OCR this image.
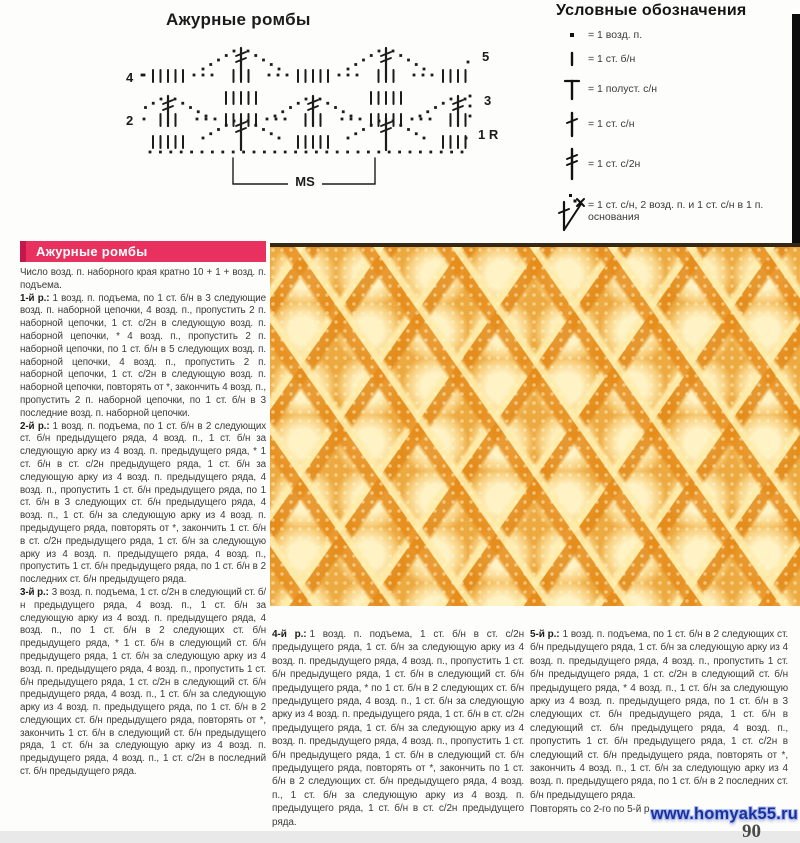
Ажурные ромбы
4
2
5
3
1 R
MS
Условные обозначения
= 1 возд. п.
= 1 ст. б/н
= 1 полуст. с/н
= 1 ст. с/н
= 1 ст. с/2н
= 1 ст. с/н, 2 возд. п. и 1 ст. с/н в 1 п. основания
Ажурные ромбы

Число возд. п. наборного края кратно 10 + 1 + возд. п. подъема.

1-й р.: 1 возд. п. подъема, по 1 ст. б/н в 3 следующие возд. п. наборной цепочки, 4 возд. п., пропустить 2 п. наборной цепочки, 1 ст. с/2н в следующую возд. п. наборной цепочки, * 4 возд. п., пропустить 2 п. наборной цепочки, по 1 ст. б/н в 5 следующих возд. п. наборной цепочки, 4 возд. п., пропустить 2 п. наборной цепочки, 1 ст. с/2н в следующую возд. п. наборной цепочки, повторять от *, закончить 4 возд. п., пропустить 2 п. наборной цепочки, по 1 ст. б/н в 3 последние возд. п. наборной цепочки.

2-й р.: 1 возд. п. подъема, по 1 ст. б/н в 2 следующих ст. б/н предыдущего ряда, 4 возд. п., 1 ст. б/н за следующую арку из 4 возд. п. предыдущего ряда, * 1 ст. б/н в ст. с/2н предыдущего ряда, 1 ст. б/н за следующую арку из 4 возд. п. предыдущего ряда, 4 возд. п., пропустить 1 ст. б/н предыдущего ряда, по 1 ст. б/н в 3 следующих ст. б/н предыдущего ряда, 4 возд. п., 1 ст. б/н за следующую арку из 4 возд. п. предыдущего ряда, повторять от *, закончить 1 ст. б/н в ст. с/2н предыдущего ряда, 1 ст. б/н за следующую арку из 4 возд. п. предыдущего ряда, 4 возд. п., пропустить 1 ст. б/н предыдущего ряда, по 1 ст. б/н в 2 последних ст. б/н предыдущего ряда.

3-й р.: 3 возд. п. подъема, 1 ст. с/2н в следующий ст. б/н предыдущего ряда, 4 возд. п., 1 ст. б/н за следующую арку из 4 возд. п. предыдущего ряда, 4 возд. п., по 1 ст. б/н в 2 следующих ст. б/н предыдущего ряда, * 1 ст. б/н в следующий ст. б/н предыдущего ряда, 1 ст. б/н за следующую арку из 4 возд. п. предыдущего ряда, 4 возд. п., пропустить 1 ст. б/н предыдущего ряда, 1 ст. с/2н в следующий ст. б/н предыдущего ряда, 4 возд. п., 1 ст. б/н за следующую арку из 4 возд. п. предыдущего ряда, по 1 ст. б/н в 2 следующих ст. б/н предыдущего ряда, повторять от *, закончить 1 ст. б/н в следующий ст. б/н предыдущего ряда, 1 ст. б/н за следующую арку из 4 возд. п. предыдущего ряда, 4 возд. п., 1 ст. с/2н в последний ст. б/н предыдущего ряда.

4-й р.: 1 возд. п. подъема, 1 ст. б/н в ст. с/2н предыдущего ряда, 1 ст. б/н за следующую арку из 4 возд. п. предыдущего ряда, 4 возд. п., пропустить 1 ст. б/н предыдущего ряда, 1 ст. б/н в следующий ст. б/н предыдущего ряда, * по 1 ст. б/н в 2 следующих ст. б/н предыдущего ряда, 4 возд. п., 1 ст. б/н за следующую арку из 4 возд. п. предыдущего ряда, 1 ст. б/н в ст. с/2н предыдущего ряда, 1 ст. б/н за следующую арку из 4 возд. п. предыдущего ряда, 4 возд. п., пропустить 1 ст. б/н предыдущего ряда, 1 ст. б/н в следующий ст. б/н предыдущего ряда, повторять от *, закончить по 1 ст. б/н в 2 следующих ст. б/н предыдущего ряда, 4 возд. п., 1 ст. б/н за следующую арку из 4 возд. п. предыдущего ряда, 1 ст. б/н в ст. с/2н предыдущего ряда.

5-й р.: 1 возд. п. подъема, по 1 ст. б/н в 2 следующих ст. б/н предыдущего ряда, 1 ст. б/н за следующую арку из 4 возд. п. предыдущего ряда, 4 возд. п., пропустить 1 ст. б/н предыдущего ряда, 1 ст. с/2н в следующий ст. б/н предыдущего ряда, * 4 возд. п., 1 ст. б/н за следующую арку из 4 возд. п. предыдущего ряда, по 1 ст. б/н в 3 следующих ст. б/н предыдущего ряда, 1 ст. б/н в следующий ст. б/н предыдущего ряда, 4 возд. п., пропустить 1 ст. б/н предыдущего ряда, 1 ст. с/2н в следующий ст. б/н предыдущего ряда, повторять от *, закончить 4 возд. п., 1 ст. б/н за следующую арку из 4 возд. п. предыдущего ряда, по 1 ст. б/н в 2 последних ст. б/н предыдущего ряда.

Повторять со 2-го по 5-й р.

www.homyak55.ru
90
